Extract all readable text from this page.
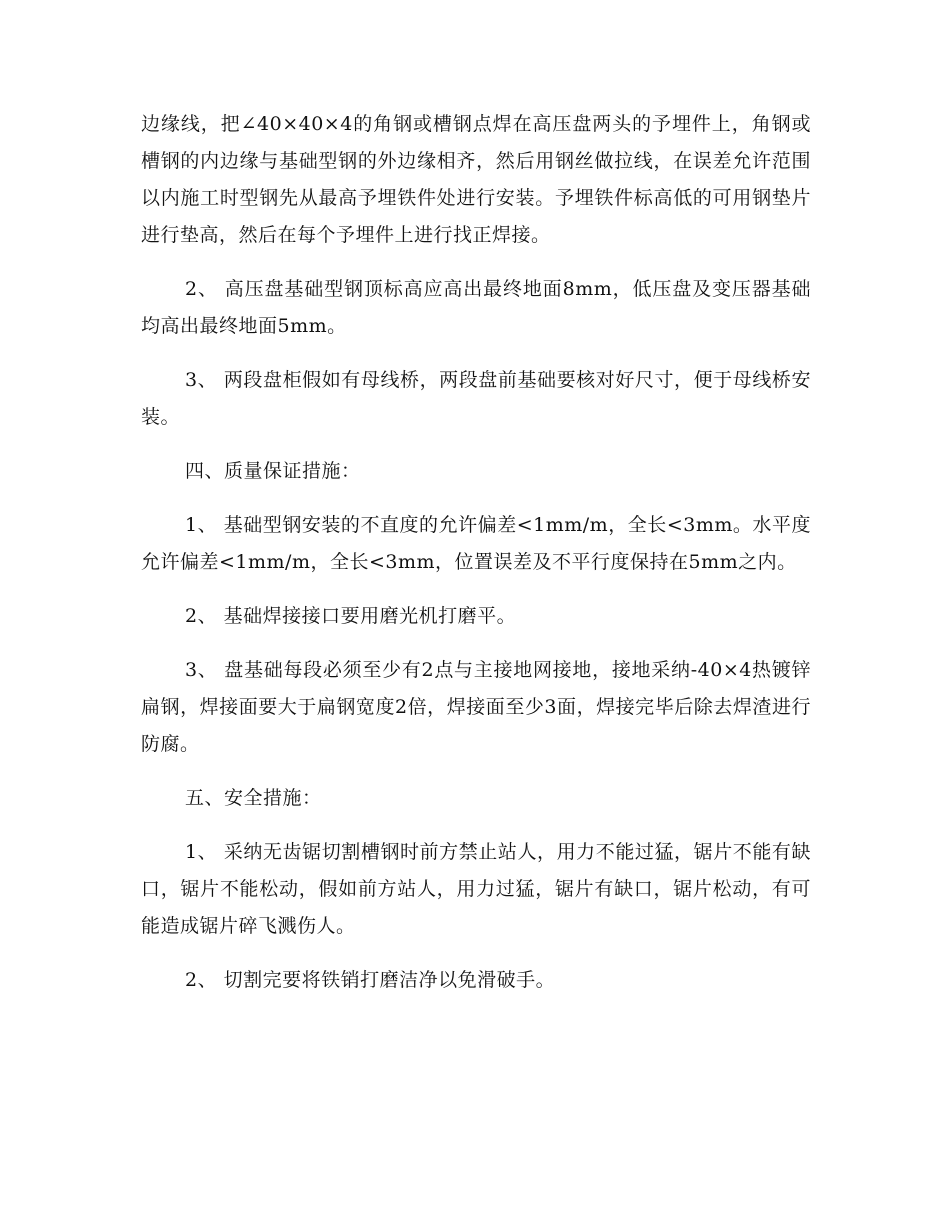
边缘线，把∠40×40×4的角钢或槽钢点焊在高压盘两头的予埋件上，角钢或槽钢的内边缘与基础型钢的外边缘相齐，然后用钢丝做拉线，在误差允许范围以内施工时型钢先从最高予埋铁件处进行安装。予埋铁件标高低的可用钢垫片进行垫高，然后在每个予埋件上进行找正焊接。

2、 高压盘基础型钢顶标高应高出最终地面8mm，低压盘及变压器基础均高出最终地面5mm。

3、 两段盘柜假如有母线桥，两段盘前基础要核对好尺寸，便于母线桥安装。

四、质量保证措施：

1、 基础型钢安装的不直度的允许偏差<1mm/m，全长<3mm。水平度允许偏差<1mm/m，全长<3mm，位置误差及不平行度保持在5mm之内。

2、 基础焊接接口要用磨光机打磨平。

3、 盘基础每段必须至少有2点与主接地网接地，接地采纳-40×4热镀锌扁钢，焊接面要大于扁钢宽度2倍，焊接面至少3面，焊接完毕后除去焊渣进行防腐。

五、安全措施：

1、 采纳无齿锯切割槽钢时前方禁止站人，用力不能过猛，锯片不能有缺口，锯片不能松动，假如前方站人，用力过猛，锯片有缺口，锯片松动，有可能造成锯片碎飞溅伤人。

2、 切割完要将铁销打磨洁净以免滑破手。
